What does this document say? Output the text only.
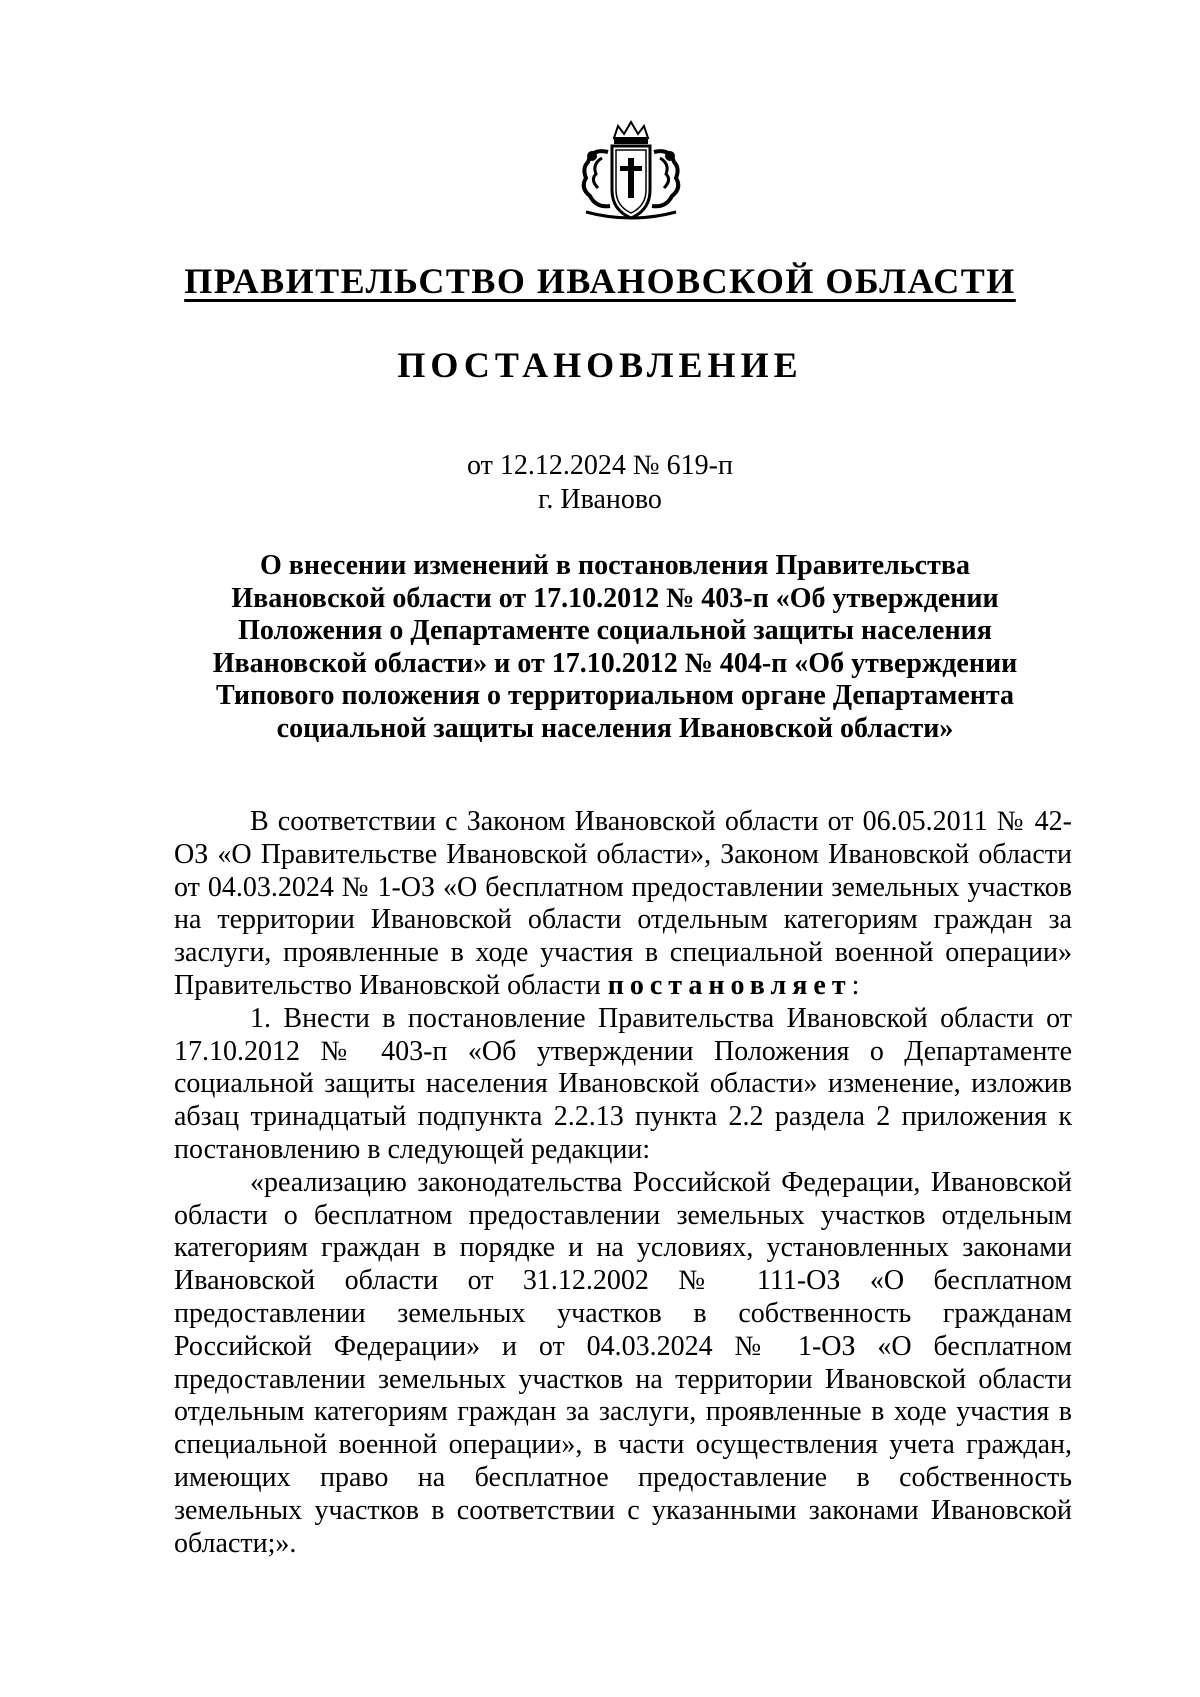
ПРАВИТЕЛЬСТВО ИВАНОВСКОЙ ОБЛАСТИ
ПОСТАНОВЛЕНИЕ
от 12.12.2024 № 619-п
г. Иваново
О внесении изменений в постановления Правительства Ивановской области от 17.10.2012 № 403-п «Об утверждении Положения о Департаменте социальной защиты населения Ивановской области» и от 17.10.2012 № 404-п «Об утверждении Типового положения о территориальном органе Департамента социальной защиты населения Ивановской области»

В соответствии с Законом Ивановской области от 06.05.2011 № 42-ОЗ «О Правительстве Ивановской области», Законом Ивановской области от 04.03.2024 № 1-ОЗ «О бесплатном предоставлении земельных участков на территории Ивановской области отдельным категориям граждан за заслуги, проявленные в ходе участия в специальной военной операции» Правительство Ивановской области постановляет:

1. Внести в постановление Правительства Ивановской области от 17.10.2012 № 403-п «Об утверждении Положения о Департаменте социальной защиты населения Ивановской области» изменение, изложив абзац тринадцатый подпункта 2.2.13 пункта 2.2 раздела 2 приложения к постановлению в следующей редакции:

«реализацию законодательства Российской Федерации, Ивановской области о бесплатном предоставлении земельных участков отдельным категориям граждан в порядке и на условиях, установленных законами Ивановской области от 31.12.2002 № 111-ОЗ «О бесплатном предоставлении земельных участков в собственность гражданам Российской Федерации» и от 04.03.2024 № 1-ОЗ «О бесплатном предоставлении земельных участков на территории Ивановской области отдельным категориям граждан за заслуги, проявленные в ходе участия в специальной военной операции», в части осуществления учета граждан, имеющих право на бесплатное предоставление в собственность земельных участков в соответствии с указанными законами Ивановской области;».
